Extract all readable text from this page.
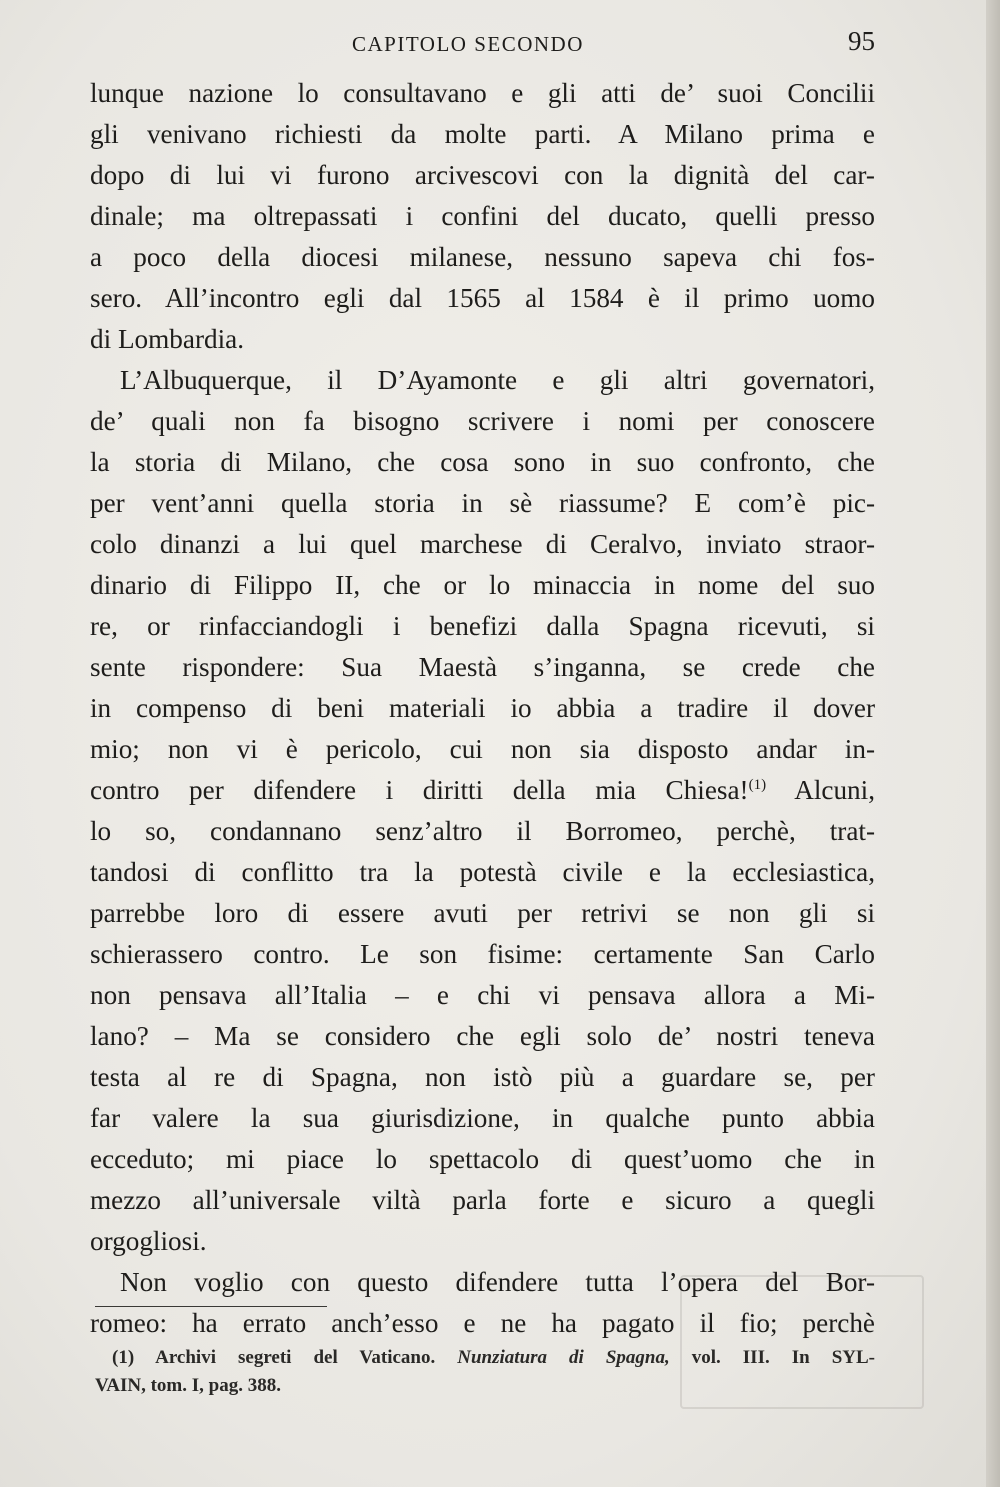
CAPITOLO SECONDO	95
lunque nazione lo consultavano e gli atti de’ suoi Concilii
gli venivano richiesti da molte parti. A Milano prima e
dopo di lui vi furono arcivescovi con la dignità del car-
dinale; ma oltrepassati i confini del ducato, quelli presso
a poco della diocesi milanese, nessuno sapeva chi fos-
sero. All’incontro egli dal 1565 al 1584 è il primo uomo
di Lombardia.
L’Albuquerque, il D’Ayamonte e gli altri governatori,
de’ quali non fa bisogno scrivere i nomi per conoscere
la storia di Milano, che cosa sono in suo confronto, che
per vent’anni quella storia in sè riassume? E com’è pic-
colo dinanzi a lui quel marchese di Ceralvo, inviato straor-
dinario di Filippo II, che or lo minaccia in nome del suo
re, or rinfacciandogli i benefizi dalla Spagna ricevuti, si
sente rispondere: Sua Maestà s’inganna, se crede che
in compenso di beni materiali io abbia a tradire il dover
mio; non vi è pericolo, cui non sia disposto andar in-
contro per difendere i diritti della mia Chiesa!$^{(1)}$ Alcuni,
lo so, condannano senz’altro il Borromeo, perchè, trat-
tandosi di conflitto tra la potestà civile e la ecclesiastica,
parrebbe loro di essere avuti per retrivi se non gli si
schierassero contro. Le son fisime: certamente San Carlo
non pensava all’Italia – e chi vi pensava allora a Mi-
lano? – Ma se considero che egli solo de’ nostri teneva
testa al re di Spagna, non istò più a guardare se, per
far valere la sua giurisdizione, in qualche punto abbia
ecceduto; mi piace lo spettacolo di quest’uomo che in
mezzo all’universale viltà parla forte e sicuro a quegli
orgogliosi.
Non voglio con questo difendere tutta l’opera del Bor-
romeo: ha errato anch’esso e ne ha pagato il fio; perchè
(1) Archivi segreti del Vaticano. Nunziatura di Spagna, vol. III. In SYL-
VAIN, tom. I, pag. 388.
